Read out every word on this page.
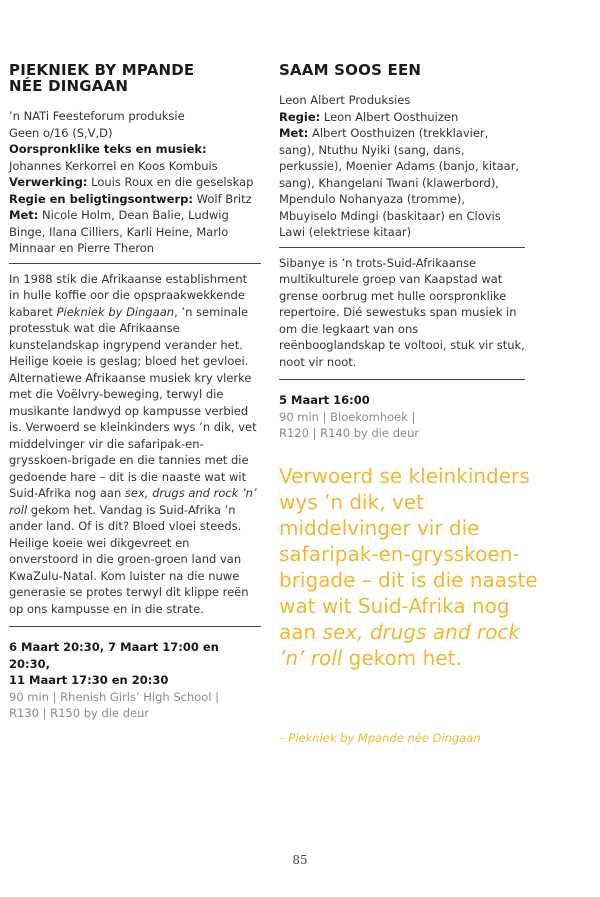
PIEKNIEK BY MPANDE
NÉE DINGAAN

’n NATi Feesteforum produksie

Geen o/16 (S,V,D)

Oorspronklike teks en musiek:
Johannes Kerkorrel en Koos Kombuis

Verwerking: Louis Roux en die geselskap

Regie en beligtingsontwerp: Wolf Britz

Met: Nicole Holm, Dean Balie, Ludwig Binge, Ilana Cilliers, Karli Heine, Marlo Minnaar en Pierre Theron

In 1988 stik die Afrikaanse establishment in hulle koffie oor die opspraakwekkende kabaret Piekniek by Dingaan, ’n seminale protesstuk wat die Afrikaanse kunstelandskap ingrypend verander het. Heilige koeie is geslag; bloed het gevloei. Alternatiewe Afrikaanse musiek kry vlerke met die Voëlvry-beweging, terwyl die musikante landwyd op kampusse verbied is. Verwoerd se kleinkinders wys ’n dik, vet middelvinger vir die safaripak-en-grysskoen-brigade en die tannies met die gedoende hare – dit is die naaste wat wit Suid-Afrika nog aan sex, drugs and rock ’n’ roll gekom het. Vandag is Suid-Afrika ’n ander land. Of is dit? Bloed vloei steeds. Heilige koeie wei dikgevreet en onverstoord in die groen-groen land van KwaZulu-Natal. Kom luister na die nuwe generasie se protes terwyl dit klippe reën op ons kampusse en in die strate.

6 Maart 20:30, 7 Maart 17:00 en 20:30,

11 Maart 17:30 en 20:30

90 min | Rhenish Girls’ High School |

R130 | R150 by die deur

SAAM SOOS EEN

Leon Albert Produksies

Regie: Leon Albert Oosthuizen

Met: Albert Oosthuizen (trekklavier, sang), Ntuthu Nyiki (sang, dans, perkussie), Moenier Adams (banjo, kitaar, sang), Khangelani Twani (klawerbord), Mpendulo Nohanyaza (tromme), Mbuyiselo Mdingi (baskitaar) en Clovis Lawi (elektriese kitaar)

Sibanye is ’n trots-Suid-Afrikaanse multikulturele groep van Kaapstad wat grense oorbrug met hulle oorspronklike repertoire. Dié sewestuks span musiek in om die legkaart van ons reënbooglandskap te voltooi, stuk vir stuk, noot vir noot.

5 Maart 16:00

90 min | Bloekomhoek |

R120 | R140 by die deur

Verwoerd se kleinkinders wys ’n dik, vet middelvinger vir die safaripak-en-grysskoen-brigade – dit is die naaste wat wit Suid-Afrika nog aan sex, drugs and rock ’n’ roll gekom het.

– Piekniek by Mpande née Dingaan

85
